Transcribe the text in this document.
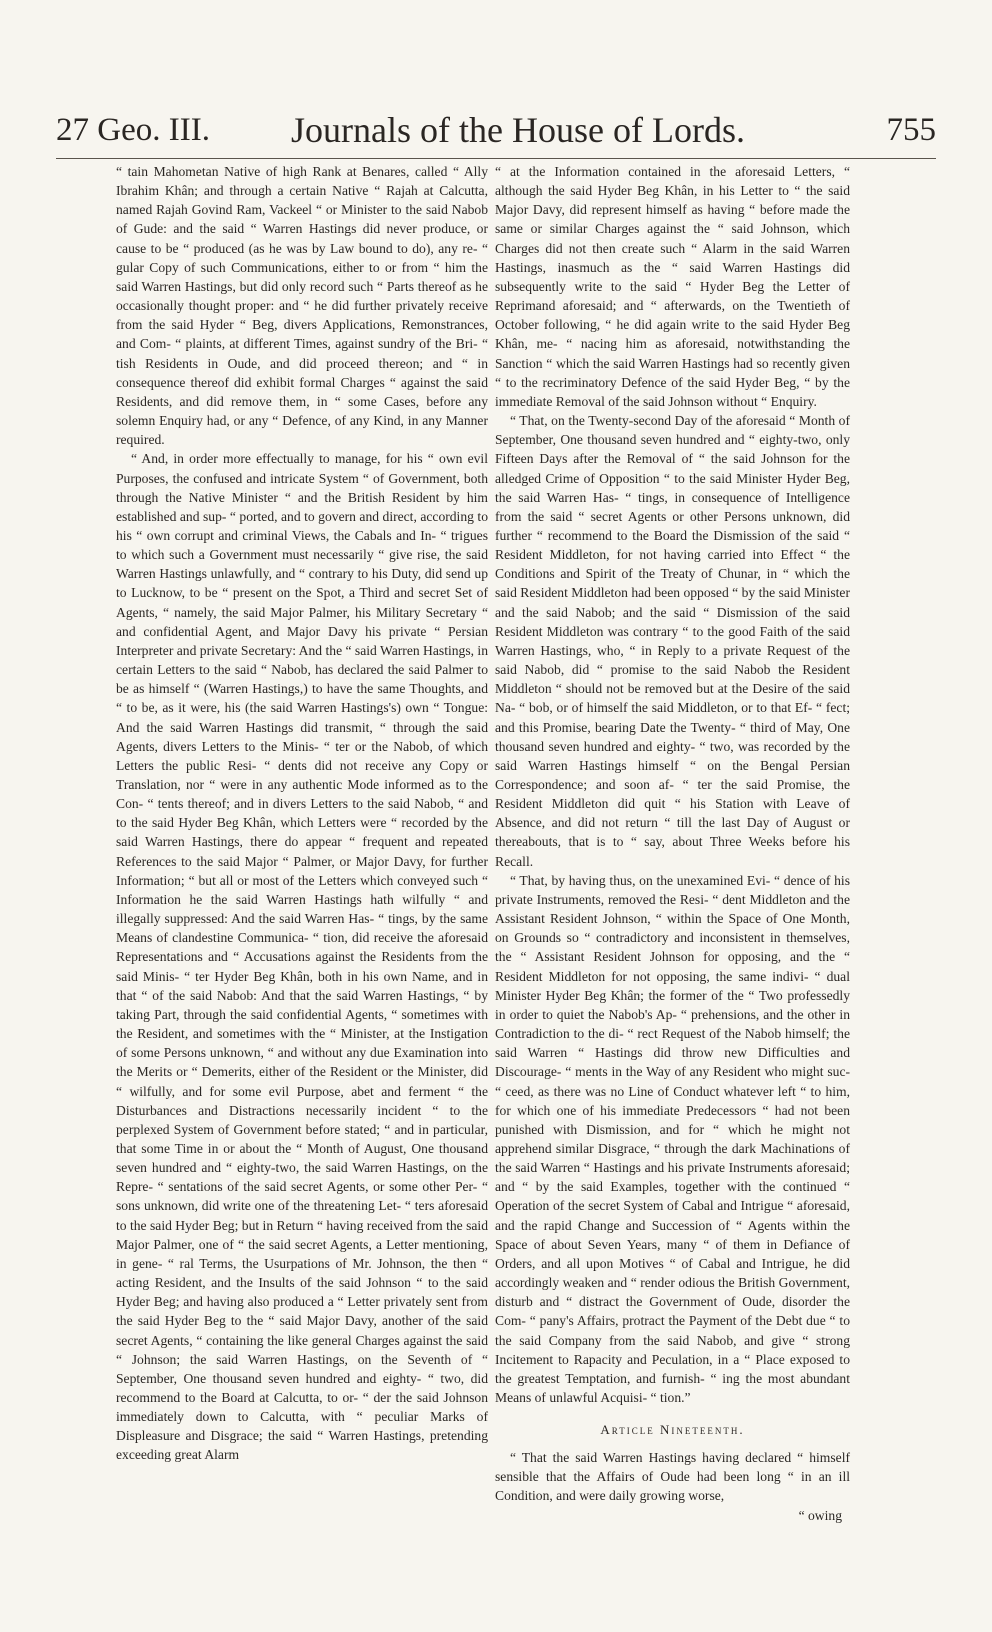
27 Geo. III.	Journals of the House of Lords.	755

“ tain Mahometan Native of high Rank at Benares, called “ Ally Ibrahim Khân; and through a certain Native “ Rajah at Calcutta, named Rajah Govind Ram, Vackeel “ or Minister to the said Nabob of Gude: and the said “ Warren Hastings did never produce, or cause to be “ produced (as he was by Law bound to do), any re- “ gular Copy of such Communications, either to or from “ him the said Warren Hastings, but did only record such “ Parts thereof as he occasionally thought proper: and “ he did further privately receive from the said Hyder “ Beg, divers Applications, Remonstrances, and Com- “ plaints, at different Times, against sundry of the Bri- “ tish Residents in Oude, and did proceed thereon; and “ in consequence thereof did exhibit formal Charges “ against the said Residents, and did remove them, in “ some Cases, before any solemn Enquiry had, or any “ Defence, of any Kind, in any Manner required.

“ And, in order more effectually to manage, for his “ own evil Purposes, the confused and intricate System “ of Government, both through the Native Minister “ and the British Resident by him established and sup- “ ported, and to govern and direct, according to his “ own corrupt and criminal Views, the Cabals and In- “ trigues to which such a Government must necessarily “ give rise, the said Warren Hastings unlawfully, and “ contrary to his Duty, did send up to Lucknow, to be “ present on the Spot, a Third and secret Set of Agents, “ namely, the said Major Palmer, his Military Secretary “ and confidential Agent, and Major Davy his private “ Persian Interpreter and private Secretary: And the “ said Warren Hastings, in certain Letters to the said “ Nabob, has declared the said Palmer to be as himself “ (Warren Hastings,) to have the same Thoughts, and “ to be, as it were, his (the said Warren Hastings's) own “ Tongue: And the said Warren Hastings did transmit, “ through the said Agents, divers Letters to the Minis- “ ter or the Nabob, of which Letters the public Resi- “ dents did not receive any Copy or Translation, nor “ were in any authentic Mode informed as to the Con- “ tents thereof; and in divers Letters to the said Nabob, “ and to the said Hyder Beg Khân, which Letters were “ recorded by the said Warren Hastings, there do appear “ frequent and repeated References to the said Major “ Palmer, or Major Davy, for further Information; “ but all or most of the Letters which conveyed such “ Information he the said Warren Hastings hath wilfully “ and illegally suppressed: And the said Warren Has- “ tings, by the same Means of clandestine Communica- “ tion, did receive the aforesaid Representations and “ Accusations against the Residents from the said Minis- “ ter Hyder Beg Khân, both in his own Name, and in that “ of the said Nabob: And that the said Warren Hastings, “ by taking Part, through the said confidential Agents, “ sometimes with the Resident, and sometimes with the “ Minister, at the Instigation of some Persons unknown, “ and without any due Examination into the Merits or “ Demerits, either of the Resident or the Minister, did “ wilfully, and for some evil Purpose, abet and ferment “ the Disturbances and Distractions necessarily incident “ to the perplexed System of Government before stated; “ and in particular, that some Time in or about the “ Month of August, One thousand seven hundred and “ eighty-two, the said Warren Hastings, on the Repre- “ sentations of the said secret Agents, or some other Per- “ sons unknown, did write one of the threatening Let- “ ters aforesaid to the said Hyder Beg; but in Return “ having received from the said Major Palmer, one of “ the said secret Agents, a Letter mentioning, in gene- “ ral Terms, the Usurpations of Mr. Johnson, the then “ acting Resident, and the Insults of the said Johnson “ to the said Hyder Beg; and having also produced a “ Letter privately sent from the said Hyder Beg to the “ said Major Davy, another of the said secret Agents, “ containing the like general Charges against the said “ Johnson; the said Warren Hastings, on the Seventh of “ September, One thousand seven hundred and eighty- “ two, did recommend to the Board at Calcutta, to or- “ der the said Johnson immediately down to Calcutta, with “ peculiar Marks of Displeasure and Disgrace; the said “ Warren Hastings, pretending exceeding great Alarm

“ at the Information contained in the aforesaid Letters, “ although the said Hyder Beg Khân, in his Letter to “ the said Major Davy, did represent himself as having “ before made the same or similar Charges against the “ said Johnson, which Charges did not then create such “ Alarm in the said Warren Hastings, inasmuch as the “ said Warren Hastings did subsequently write to the said “ Hyder Beg the Letter of Reprimand aforesaid; and “ afterwards, on the Twentieth of October following, “ he did again write to the said Hyder Beg Khân, me- “ nacing him as aforesaid, notwithstanding the Sanction “ which the said Warren Hastings had so recently given “ to the recriminatory Defence of the said Hyder Beg, “ by the immediate Removal of the said Johnson without “ Enquiry.

“ That, on the Twenty-second Day of the aforesaid “ Month of September, One thousand seven hundred and “ eighty-two, only Fifteen Days after the Removal of “ the said Johnson for the alledged Crime of Opposition “ to the said Minister Hyder Beg, the said Warren Has- “ tings, in consequence of Intelligence from the said “ secret Agents or other Persons unknown, did further “ recommend to the Board the Dismission of the said “ Resident Middleton, for not having carried into Effect “ the Conditions and Spirit of the Treaty of Chunar, in “ which the said Resident Middleton had been opposed “ by the said Minister and the said Nabob; and the said “ Dismission of the said Resident Middleton was contrary “ to the good Faith of the said Warren Hastings, who, “ in Reply to a private Request of the said Nabob, did “ promise to the said Nabob the Resident Middleton “ should not be removed but at the Desire of the said Na- “ bob, or of himself the said Middleton, or to that Ef- “ fect; and this Promise, bearing Date the Twenty- “ third of May, One thousand seven hundred and eighty- “ two, was recorded by the said Warren Hastings himself “ on the Bengal Persian Correspondence; and soon af- “ ter the said Promise, the Resident Middleton did quit “ his Station with Leave of Absence, and did not return “ till the last Day of August or thereabouts, that is to “ say, about Three Weeks before his Recall.

“ That, by having thus, on the unexamined Evi- “ dence of his private Instruments, removed the Resi- “ dent Middleton and the Assistant Resident Johnson, “ within the Space of One Month, on Grounds so “ contradictory and inconsistent in themselves, the “ Assistant Resident Johnson for opposing, and the “ Resident Middleton for not opposing, the same indivi- “ dual Minister Hyder Beg Khân; the former of the “ Two professedly in order to quiet the Nabob's Ap- “ prehensions, and the other in Contradiction to the di- “ rect Request of the Nabob himself; the said Warren “ Hastings did throw new Difficulties and Discourage- “ ments in the Way of any Resident who might suc- “ ceed, as there was no Line of Conduct whatever left “ to him, for which one of his immediate Predecessors “ had not been punished with Dismission, and for “ which he might not apprehend similar Disgrace, “ through the dark Machinations of the said Warren “ Hastings and his private Instruments aforesaid; and “ by the said Examples, together with the continued “ Operation of the secret System of Cabal and Intrigue “ aforesaid, and the rapid Change and Succession of “ Agents within the Space of about Seven Years, many “ of them in Defiance of Orders, and all upon Motives “ of Cabal and Intrigue, he did accordingly weaken and “ render odious the British Government, disturb and “ distract the Government of Oude, disorder the Com- “ pany's Affairs, protract the Payment of the Debt due “ to the said Company from the said Nabob, and give “ strong Incitement to Rapacity and Peculation, in a “ Place exposed to the greatest Temptation, and furnish- “ ing the most abundant Means of unlawful Acquisi- “ tion.”

Article Nineteenth.

“ That the said Warren Hastings having declared “ himself sensible that the Affairs of Oude had been long “ in an ill Condition, and were daily growing worse,

“ owing
